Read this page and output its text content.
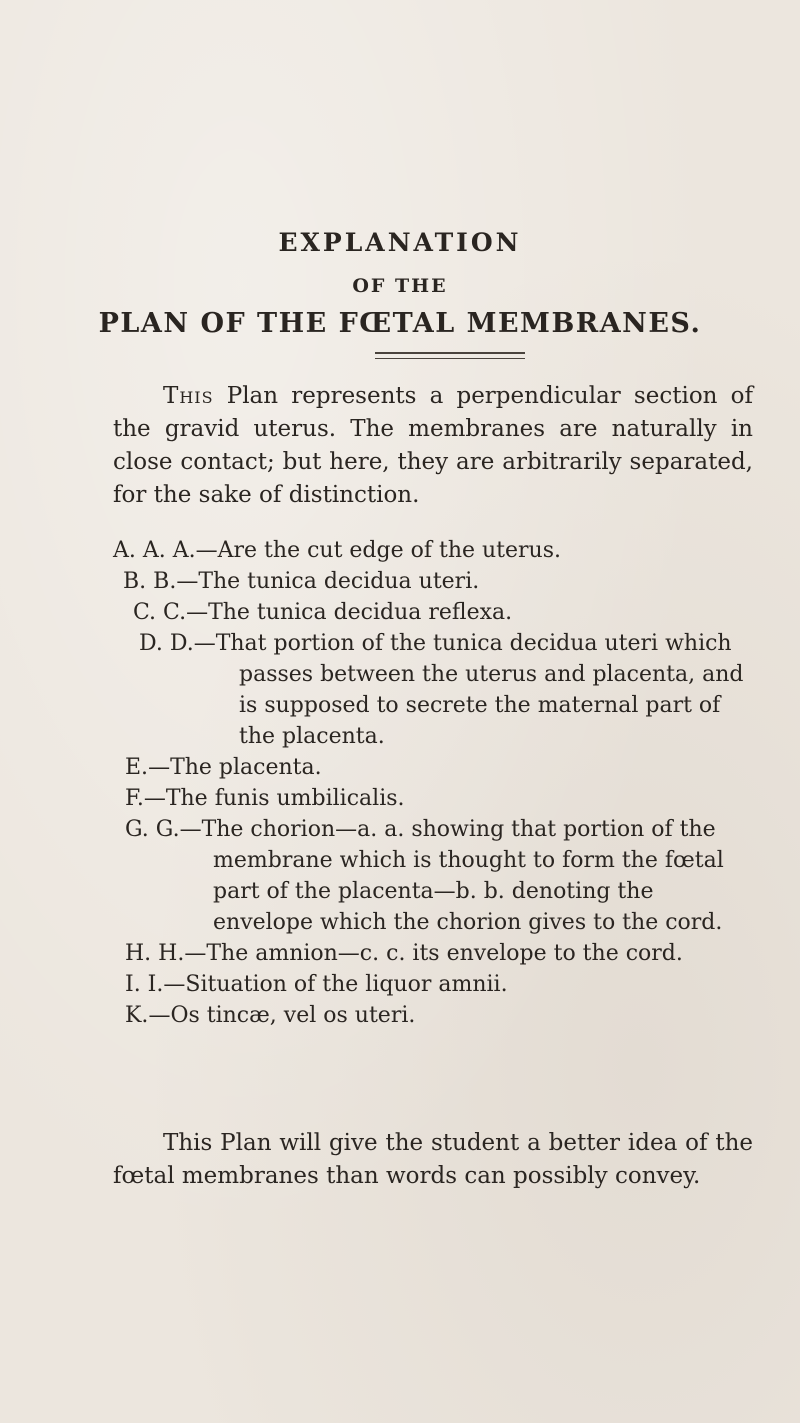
EXPLANATION
OF THE
PLAN OF THE FŒTAL MEMBRANES.

This Plan represents a perpendicular section of the gravid uterus. The membranes are naturally in close contact; but here, they are arbitrarily separated, for the sake of distinction.

A. A. A.—Are the cut edge of the uterus.
B. B.—The tunica decidua uteri.
C. C.—The tunica decidua reflexa.
D. D.—That portion of the tunica decidua uteri which passes between the uterus and placenta, and is supposed to secrete the maternal part of the placenta.
E.—The placenta.
F.—The funis umbilicalis.
G. G.—The chorion—a. a. showing that portion of the membrane which is thought to form the fœtal part of the placenta—b. b. denoting the envelope which the chorion gives to the cord.
H. H.—The amnion—c. c. its envelope to the cord.
I. I.—Situation of the liquor amnii.
K.—Os tincæ, vel os uteri.

This Plan will give the student a better idea of the fœtal membranes than words can possibly convey.
